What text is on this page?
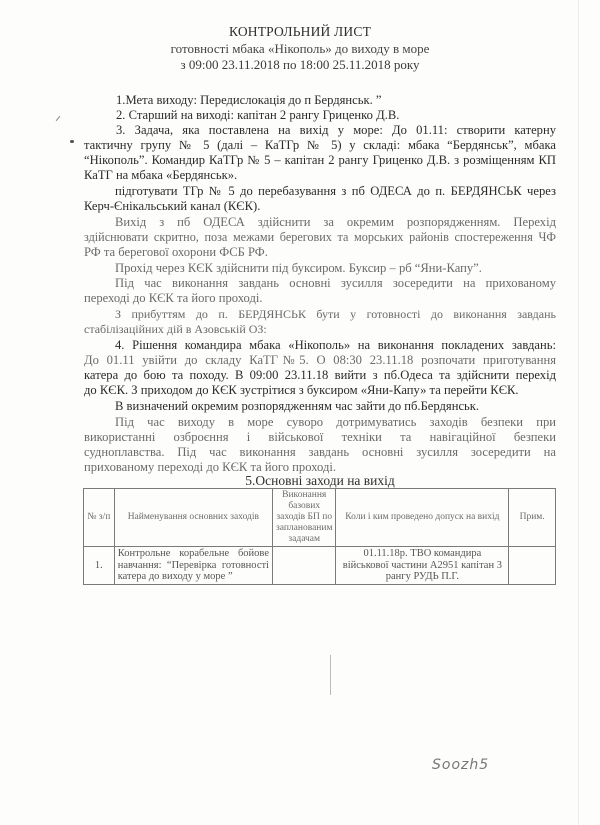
КОНТРОЛЬНИЙ ЛИСТ
готовності мбака «Нікополь» до виходу в море
з 09:00 23.11.2018 по 18:00 25.11.2018 року
1.Мета виходу: Передислокація до п Бердянськ. ”
2. Старший на виході: капітан 2 рангу Гриценко Д.В.
3. Задача, яка поставлена на вихід у море: До 01.11: створити катерну
тактичну групу № 5 (далі – КаТГр № 5) у складі: мбака “Бердянськ”, мбака
“Нікополь”. Командир КаТГр № 5 – капітан 2 рангу Гриценко Д.В. з розміщенням КП
КаТГ на мбака «Бердянськ».
підготувати ТГр № 5 до перебазування з пб ОДЕСА до п. БЕРДЯНСЬК через
Керч-Єнікальський канал (КЄК).
Вихід з пб ОДЕСА здійснити за окремим розпорядженням. Перехід
здійснювати скритно, поза межами берегових та морських районів спостереження ЧФ
РФ та берегової охорони ФСБ РФ.
Прохід через КЄК здійснити під буксиром. Буксир – рб “Яни-Капу”.
Під час виконання завдань основні зусилля зосередити на прихованому
переході до КЄК та його проході.
З прибуттям до п. БЕРДЯНСЬК бути у готовності до виконання завдань
стабілізаційних дій в Азовській ОЗ:
4. Рішення командира мбака «Нікополь» на виконання покладених завдань:
До 01.11 увійти до складу КаТГ№5. О 08:30 23.11.18 розпочати приготування
катера до бою та походу. В 09:00 23.11.18 вийти з пб.Одеса та здійснити перехід
до КЄК. З приходом до КЄК зустрітися з буксиром «Яни-Капу» та перейти КЄК.
В визначений окремим розпорядженням час зайти до пб.Бердянськ.
Під час виходу в море суворо дотримуватись заходів безпеки при
використанні озброєння і військової техніки та навігаційної безпеки
судноплавства. Під час виконання завдань основні зусилля зосередити на
прихованому переході до КЄК та його проході.
5.Основні заходи на вихід
№ з/п	Найменування основних заходів	Виконання базових заходів БП по запланованим задачам	Коли і ким проведено допуск на вихід	Прим.
1.	Контрольне корабельне бойове навчання: “Перевірка готовності катера до виходу у море ”		01.11.18р. ТВО командира військової частини А2951 капітан 3 рангу РУДЬ П.Г.	
Soozh5
